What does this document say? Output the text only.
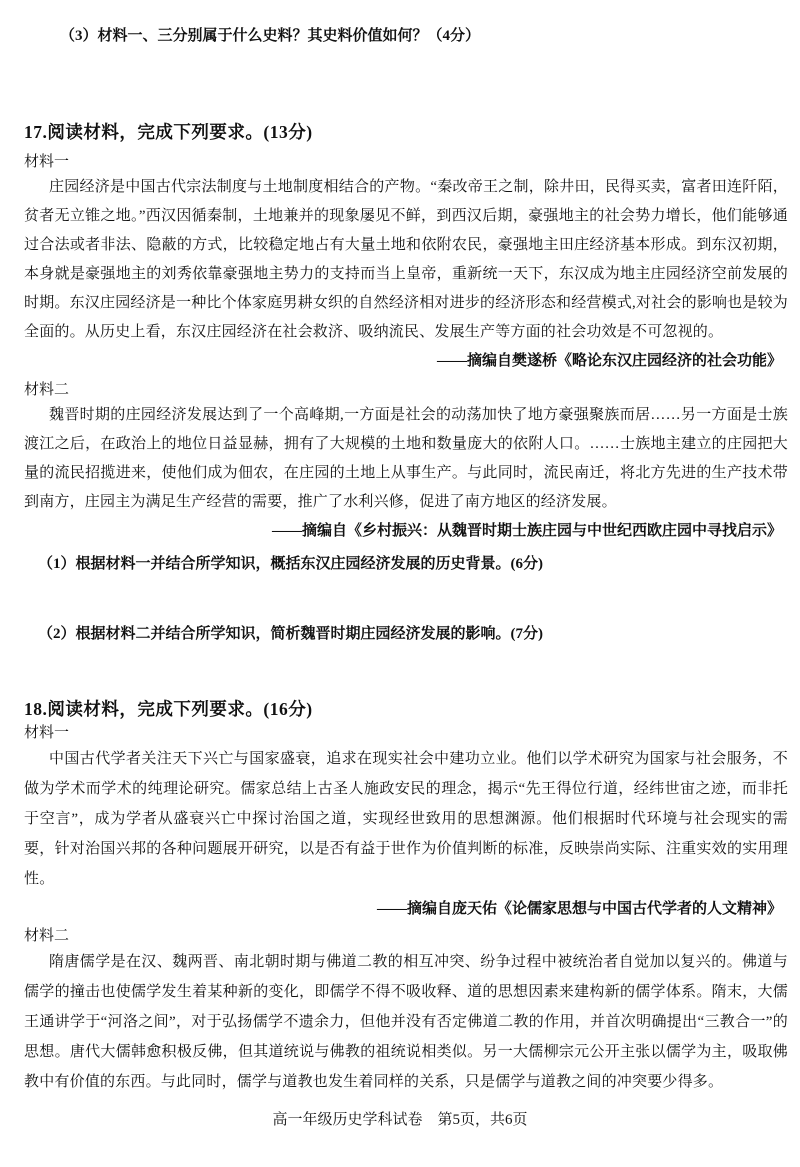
（3）材料一、三分别属于什么史料？其史料价值如何？（4分）

17.阅读材料，完成下列要求。(13分)

材料一

庄园经济是中国古代宗法制度与土地制度相结合的产物。“秦改帝王之制，除井田，民得买卖，富者田连阡陌，贫者无立锥之地。”西汉因循秦制，土地兼并的现象屡见不鲜，到西汉后期，豪强地主的社会势力增长，他们能够通过合法或者非法、隐蔽的方式，比较稳定地占有大量土地和依附农民，豪强地主田庄经济基本形成。到东汉初期，本身就是豪强地主的刘秀依靠豪强地主势力的支持而当上皇帝，重新统一天下，东汉成为地主庄园经济空前发展的时期。东汉庄园经济是一种比个体家庭男耕女织的自然经济相对进步的经济形态和经营模式,对社会的影响也是较为全面的。从历史上看，东汉庄园经济在社会救济、吸纳流民、发展生产等方面的社会功效是不可忽视的。

——摘编自樊遂桥《略论东汉庄园经济的社会功能》

材料二

魏晋时期的庄园经济发展达到了一个高峰期,一方面是社会的动荡加快了地方豪强聚族而居……另一方面是士族渡江之后，在政治上的地位日益显赫，拥有了大规模的土地和数量庞大的依附人口。……士族地主建立的庄园把大量的流民招揽进来，使他们成为佃农，在庄园的土地上从事生产。与此同时，流民南迁，将北方先进的生产技术带到南方，庄园主为满足生产经营的需要，推广了水利兴修，促进了南方地区的经济发展。

——摘编自《乡村振兴：从魏晋时期士族庄园与中世纪西欧庄园中寻找启示》

（1）根据材料一并结合所学知识，概括东汉庄园经济发展的历史背景。(6分)

（2）根据材料二并结合所学知识，简析魏晋时期庄园经济发展的影响。(7分)

18.阅读材料，完成下列要求。(16分)

材料一

中国古代学者关注天下兴亡与国家盛衰，追求在现实社会中建功立业。他们以学术研究为国家与社会服务，不做为学术而学术的纯理论研究。儒家总结上古圣人施政安民的理念，揭示“先王得位行道，经纬世宙之迹，而非托于空言”，成为学者从盛衰兴亡中探讨治国之道，实现经世致用的思想渊源。他们根据时代环境与社会现实的需要，针对治国兴邦的各种问题展开研究，以是否有益于世作为价值判断的标准，反映崇尚实际、注重实效的实用理性。

——摘编自庞天佑《论儒家思想与中国古代学者的人文精神》

材料二

隋唐儒学是在汉、魏两晋、南北朝时期与佛道二教的相互冲突、纷争过程中被统治者自觉加以复兴的。佛道与儒学的撞击也使儒学发生着某种新的变化，即儒学不得不吸收释、道的思想因素来建构新的儒学体系。隋末，大儒王通讲学于“河洛之间”，对于弘扬儒学不遗余力，但他并没有否定佛道二教的作用，并首次明确提出“三教合一”的思想。唐代大儒韩愈积极反佛，但其道统说与佛教的祖统说相类似。另一大儒柳宗元公开主张以儒学为主，吸取佛教中有价值的东西。与此同时，儒学与道教也发生着同样的关系，只是儒学与道教之间的冲突要少得多。

高一年级历史学科试卷　第5页，共6页
